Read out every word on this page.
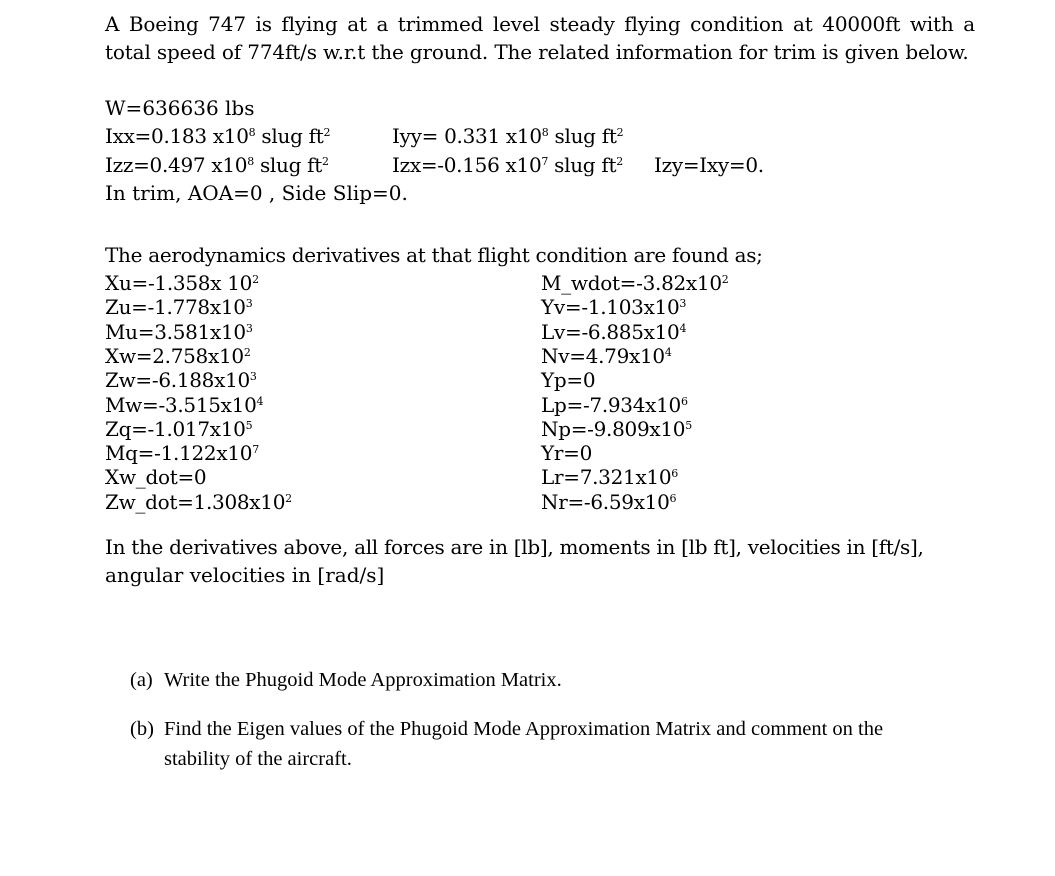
A Boeing 747 is flying at a trimmed level steady flying condition at 40000ft with a total speed of 774ft/s w.r.t the ground. The related information for trim is given below.

W=636636 lbs
Ixx=0.183 $x10^8$ slug $ft^2$	Iyy= 0.331 $x10^8$ slug $ft^2$
Izz=0.497 $x10^8$ slug $ft^2$	Izx=-0.156 $x10^7$ slug $ft^2$ Izy=Ixy=0.
In trim, AOA=0 , Side Slip=0.
The aerodynamics derivatives at that flight condition are found as;
Xu=-1.358x $10^2$
$Zu=-1.778x10^3$
$Mu=3.581x10^3$
$Xw=2.758x10^2$
$Zw=-6.188x10^3$
$Mw=-3.515x10^4$
$Zq=-1.017x10^5$
$Mq=-1.122x10^7$
Xw_dot=0
$Zw\_dot=1.308x10^2$
$M\_wdot=-3.82x10^2$
$Yv=-1.103x10^3$
$Lv=-6.885x10^4$
$Nv=4.79x10^4$
Yp=0
$Lp=-7.934x10^6$
$Np=-9.809x10^5$
Yr=0
$Lr=7.321x10^6$
$Nr=-6.59x10^6$
In the derivatives above, all forces are in [lb], moments in [lb ft], velocities in [ft/s],
angular velocities in [rad/s]
(a) Write the Phugoid Mode Approximation Matrix.
(b) Find the Eigen values of the Phugoid Mode Approximation Matrix and comment on the
stability of the aircraft.
